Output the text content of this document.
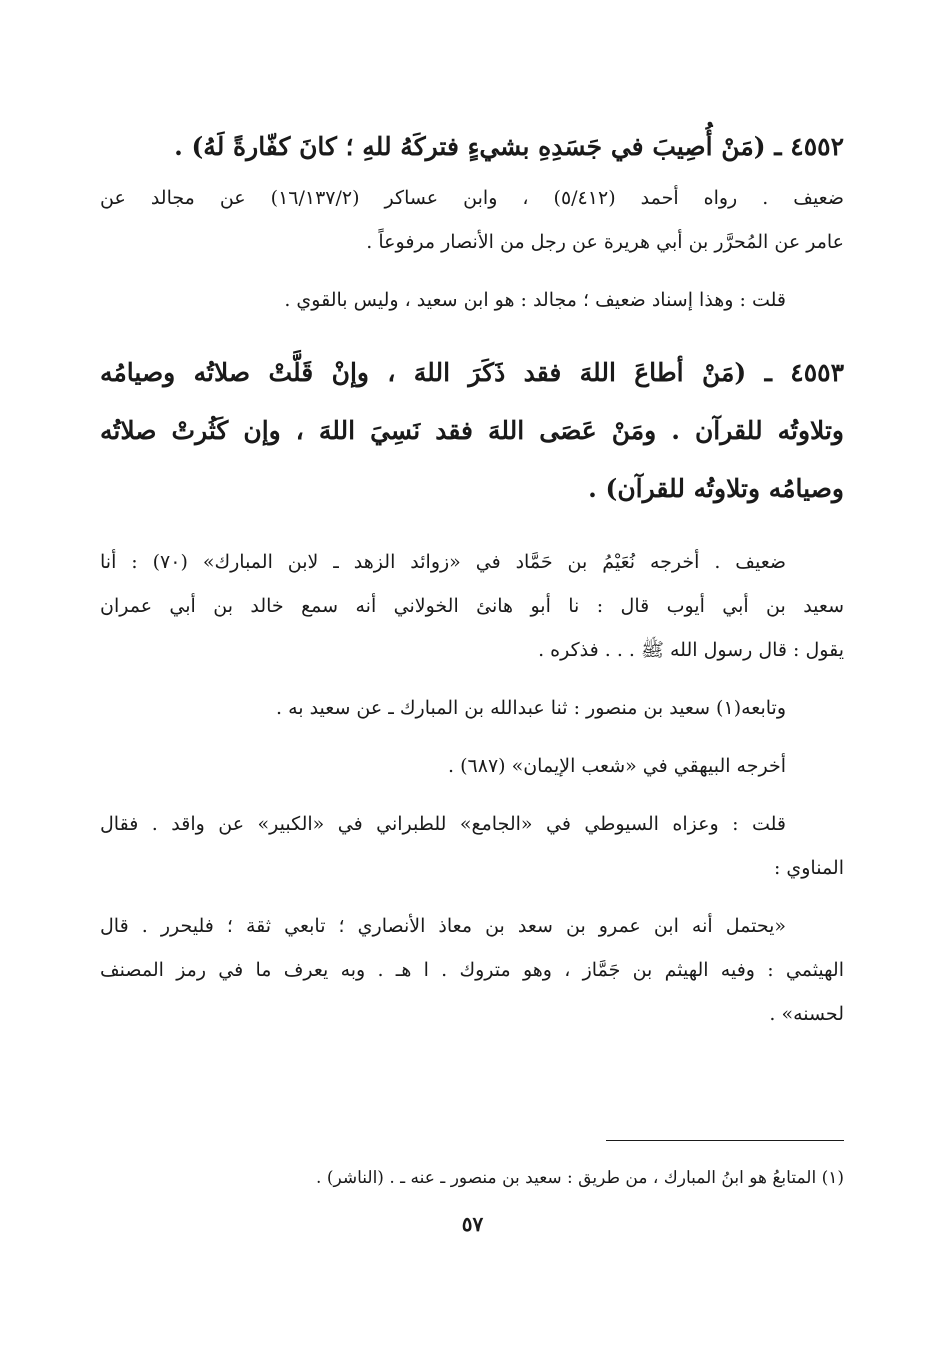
٤٥٥٢ ـ (مَنْ أُصِيبَ في جَسَدِهِ بشيءٍ فتركَهُ للهِ ؛ كانَ كفّارةً لَهُ) .
ضعيف . رواه أحمد (٥/٤١٢) ، وابن عساكر (١٦/١٣٧/٢) عن مجالد عن
عامر عن المُحرَّر بن أبي هريرة عن رجل من الأنصار مرفوعاً .
قلت : وهذا إسناد ضعيف ؛ مجالد : هو ابن سعيد ، وليس بالقوي .
٤٥٥٣ ـ (مَنْ أطاعَ اللهَ فقد ذَكَرَ اللهَ ، وإنْ قَلَّتْ صلاتُه وصيامُه
وتلاوتُه للقرآن . ومَنْ عَصَى اللهَ فقد نَسِيَ اللهَ ، وإن كَثُرتْ صلاتُه
وصيامُه وتلاوتُه للقرآن) .
ضعيف . أخرجه نُعَيْمُ بن حَمَّاد في «زوائد الزهد ـ لابن المبارك» (٧٠) : أنا
سعيد بن أبي أيوب قال : نا أبو هانئ الخولاني أنه سمع خالد بن أبي عمران
يقول : قال رسول الله ﷺ . . . فذكره .
وتابعه(١) سعيد بن منصور : ثنا عبدالله بن المبارك ـ عن سعيد به .
أخرجه البيهقي في «شعب الإيمان» (٦٨٧) .
قلت : وعزاه السيوطي في «الجامع» للطبراني في «الكبير» عن واقد . فقال
المناوي :
«يحتمل أنه ابن عمرو بن سعد بن معاذ الأنصاري ؛ تابعي ثقة ؛ فليحرر . قال
الهيثمي : وفيه الهيثم بن جَمَّاز ، وهو متروك . ا هـ . وبه يعرف ما في رمز المصنف
لحسنه» .
(١) المتابعُ هو ابنُ المبارك ، من طريق : سعيد بن منصور ـ عنه ـ . (الناشر) .
٥٧
